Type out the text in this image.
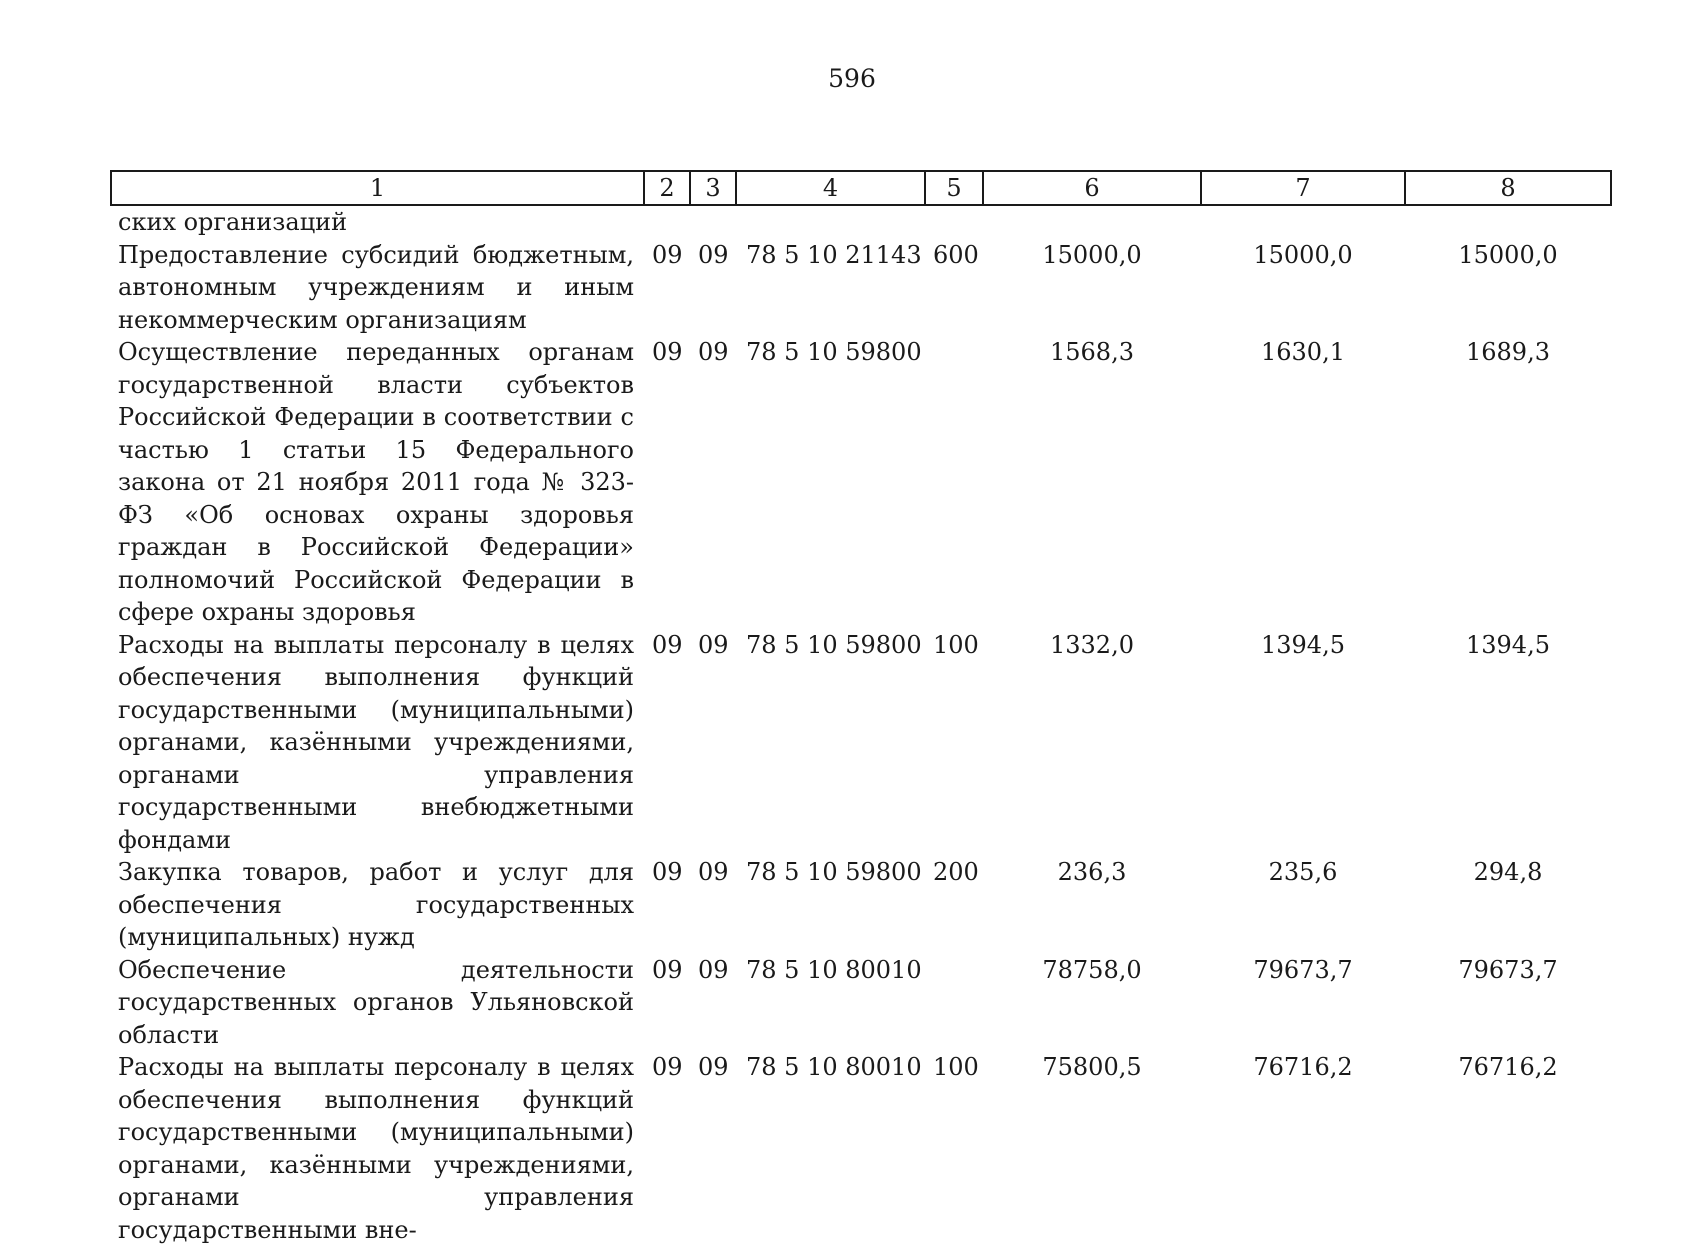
596
1	2	3	4	5	6	7	8
ских организаций							
Предоставление субсидий бюджетным, автономным учреждениям и иным некоммерческим организациям	09	09	78 5 10 21143	600	15000,0	15000,0	15000,0
Осуществление переданных органам государственной власти субъектов Российской Федерации в соответствии с частью 1 статьи 15 Федерального закона от 21 ноября 2011 года № 323-ФЗ «Об основах охраны здоровья граждан в Российской Федерации» полномочий Российской Федерации в сфере охраны здоровья	09	09	78 5 10 59800		1568,3	1630,1	1689,3
Расходы на выплаты персоналу в целях обеспечения выполнения функций государственными (муниципальными) органами, казёнными учреждениями, органами управления государственными внебюджетными фондами	09	09	78 5 10 59800	100	1332,0	1394,5	1394,5
Закупка товаров, работ и услуг для обеспечения государственных (муниципальных) нужд	09	09	78 5 10 59800	200	236,3	235,6	294,8
Обеспечение деятельности государственных органов Ульяновской области	09	09	78 5 10 80010		78758,0	79673,7	79673,7
Расходы на выплаты персоналу в целях обеспечения выполнения функций государственными (муниципальными) органами, казёнными учреждениями, органами управления государственными вне-	09	09	78 5 10 80010	100	75800,5	76716,2	76716,2
